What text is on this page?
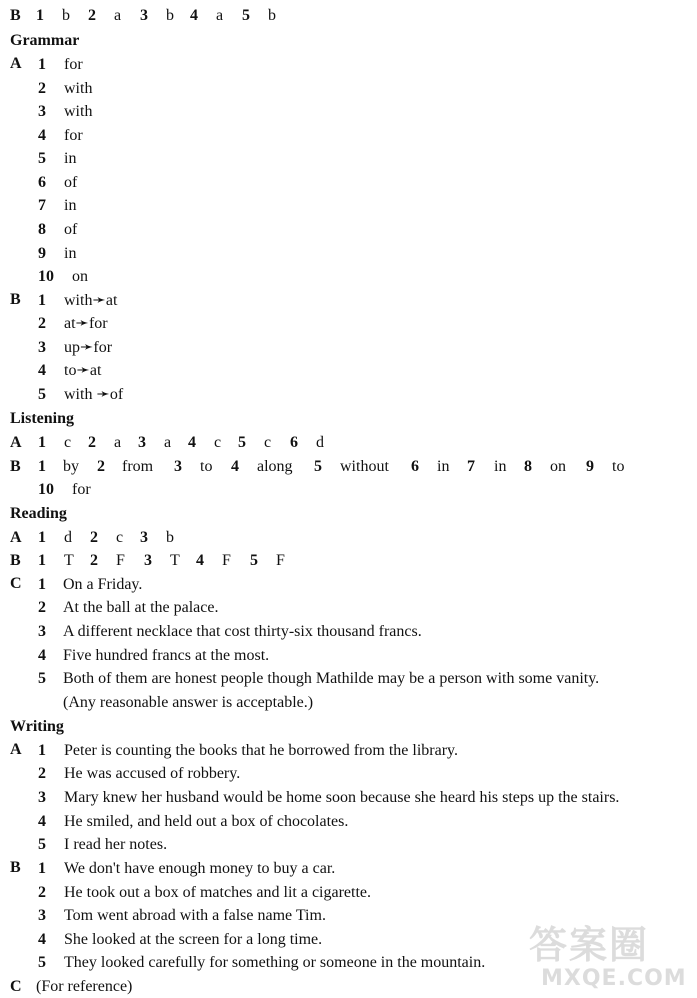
B 1 b 2 a 3 b 4 a 5 b
Grammar
A 1 for
2 with
3 with
4 for
5 in
6 of
7 in
8 of
9 in
10 on
B 1 with➛at
2 at➛for
3 up➛for
4 to➛at
5 with ➛of
Listening
A 1 c 2 a 3 a 4 c 5 c 6 d
B 1 by 2 from 3 to 4 along 5 without 6 in 7 in 8 on 9 to
10 for
Reading
A 1 d 2 c 3 b
B 1 T 2 F 3 T 4 F 5 F
C 1 On a Friday.
2 At the ball at the palace.
3 A different necklace that cost thirty-six thousand francs.
4 Five hundred francs at the most.
5 Both of them are honest people though Mathilde may be a person with some vanity.
(Any reasonable answer is acceptable.)
Writing
A 1 Peter is counting the books that he borrowed from the library.
2 He was accused of robbery.
3 Mary knew her husband would be home soon because she heard his steps up the stairs.
4 He smiled, and held out a box of chocolates.
5 I read her notes.
B 1 We don't have enough money to buy a car.
2 He took out a box of matches and lit a cigarette.
3 Tom went abroad with a false name Tim.
4 She looked at the screen for a long time.
5 They looked carefully for something or someone in the mountain.
C (For reference)
答案圈
MXQE.COM
